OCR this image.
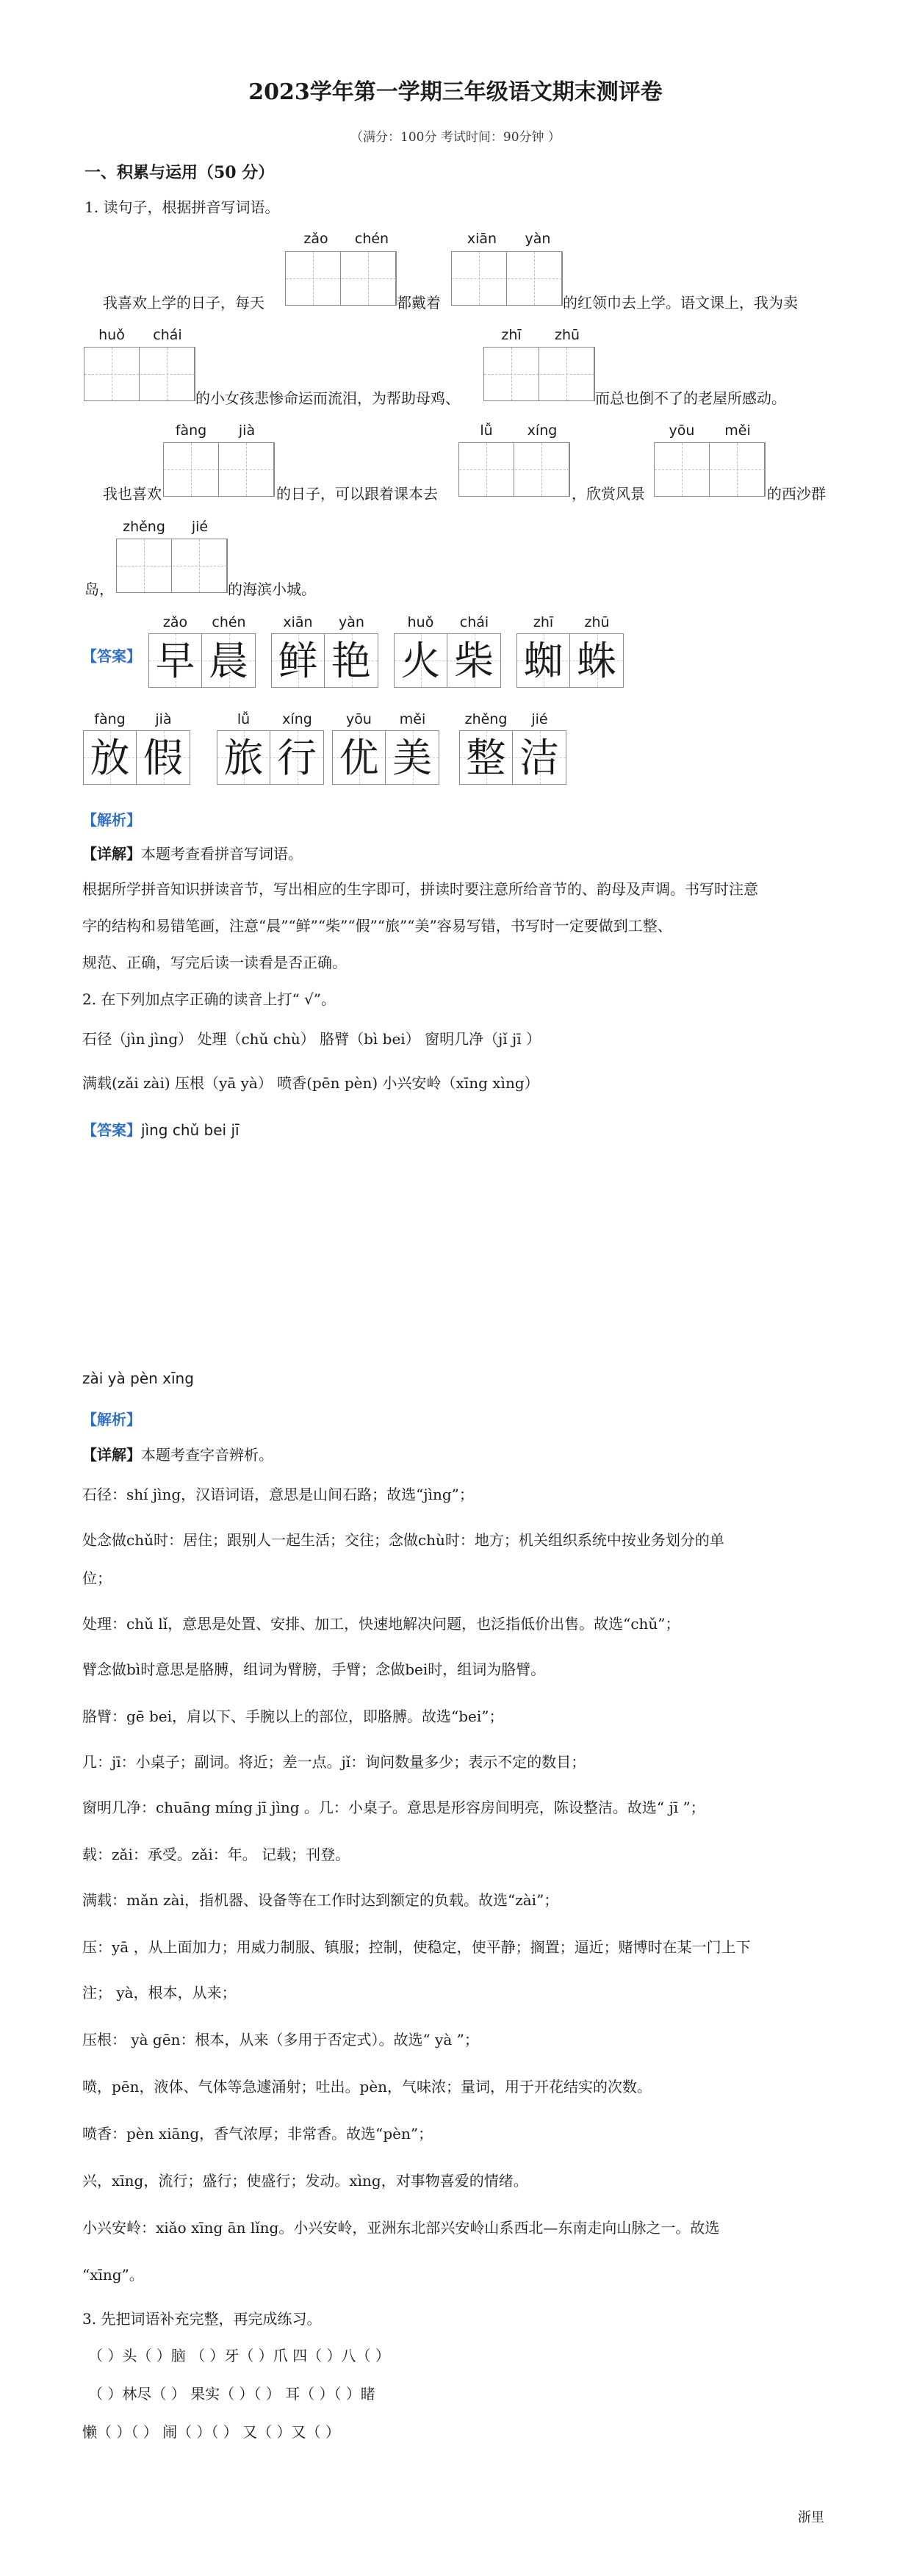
2023学年第一学期三年级语文期末测评卷
（满分：100分 考试时间：90分钟 ）
一、积累与运用（50 分）
1. 读句子，根据拼音写词语。
zǎo	chén	xiān	yàn
我喜欢上学的日子，每天	都戴着	的红领巾去上学。语文课上，我为卖
huǒ	chái	zhī	zhū
的小女孩悲惨命运而流泪，为帮助母鸡、	而总也倒不了的老屋所感动。
fàng	jià	lǚ	xíng	yōu	měi
我也喜欢	的日子，可以跟着课本去	，欣赏风景	的西沙群
zhěng	jié
岛，	的海滨小城。
【答案】
zǎo	chén	xiān	yàn	huǒ	chái	zhī	zhū
早 晨 鲜 艳 火 柴 蜘 蛛
fàng	jià	lǚ	xíng	yōu	měi	zhěng	jié
放 假 旅 行 优 美 整 洁
【解析】
【详解】本题考查看拼音写词语。
根据所学拼音知识拼读音节，写出相应的生字即可，拼读时要注意所给音节的、韵母及声调。书写时注意
字的结构和易错笔画，注意“晨”“鲜”“柴”“假”“旅”“美”容易写错，书写时一定要做到工整、
规范、正确，写完后读一读看是否正确。
2. 在下列加点字正确的读音上打“ √”。
石径（jìn jìng） 处理（chǔ chù） 胳臂（bì bei） 窗明几净（jǐ jī ）
满载(zǎi zài) 压根（yā yà） 喷香(pēn pèn) 小兴安岭（xīng xìng）
【答案】jìng chǔ bei jī
zài yà pèn xīng
【解析】
【详解】本题考查字音辨析。
石径：shí jìng，汉语词语，意思是山间石路；故选“jìng”；
处念做chǔ时：居住；跟别人一起生活；交往；念做chù时：地方；机关组织系统中按业务划分的单
位；
处理：chǔ lǐ，意思是处置、安排、加工，快速地解决问题，也泛指低价出售。故选“chǔ”；
臂念做bì时意思是胳膊，组词为臂膀，手臂；念做bei时，组词为胳臂。
胳臂：gē bei，肩以下、手腕以上的部位，即胳膊。故选“bei”；
几：jī：小桌子；副词。将近；差一点。jǐ：询问数量多少；表示不定的数目；
窗明几净：chuāng míng jī jìng 。几：小桌子。意思是形容房间明亮，陈设整洁。故选“ jī ”；
载：zǎi：承受。zǎi：年。 记载；刊登。
满载：mǎn zài，指机器、设备等在工作时达到额定的负载。故选“zài”；
压：yā ，从上面加力；用威力制服、镇服；控制，使稳定，使平静；搁置；逼近；赌博时在某一门上下
注； yà，根本，从来；
压根： yà gēn：根本，从来（多用于否定式）。故选“ yà ”；
喷，pēn，液体、气体等急遽涌射；吐出。pèn，气味浓；量词，用于开花结实的次数。
喷香：pèn xiāng，香气浓厚；非常香。故选“pèn”；
兴，xīng，流行；盛行；使盛行；发动。xìng，对事物喜爱的情绪。
小兴安岭：xiǎo xīng ān lǐng。小兴安岭，亚洲东北部兴安岭山系西北—东南走向山脉之一。故选
“xīng”。
3. 先把词语补充完整，再完成练习。
（ ）头（ ）脑 （ ）牙（ ）爪 四（ ）八（ ）
（ ）林尽（ ） 果实（ ）（ ） 耳（ ）（ ）睹
懒（ ）（ ） 闹（ ）（ ） 又（ ）又（ ）
浙里
